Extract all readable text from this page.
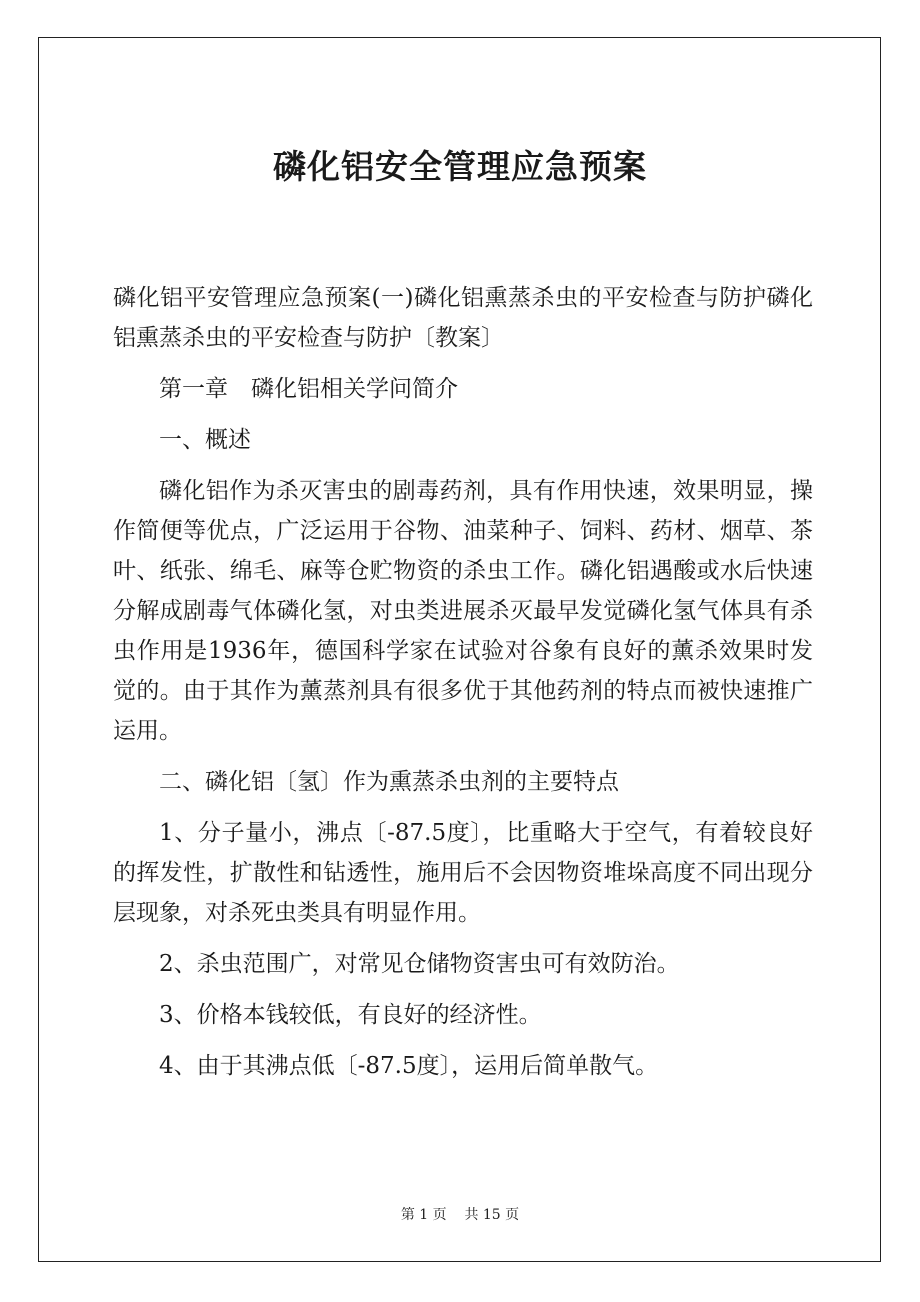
磷化铝安全管理应急预案

磷化铝平安管理应急预案(一)磷化铝熏蒸杀虫的平安检查与防护磷化铝熏蒸杀虫的平安检查与防护〔教案〕

第一章　磷化铝相关学问简介

一、概述

磷化铝作为杀灭害虫的剧毒药剂，具有作用快速，效果明显，操作简便等优点，广泛运用于谷物、油菜种子、饲料、药材、烟草、茶叶、纸张、绵毛、麻等仓贮物资的杀虫工作。磷化铝遇酸或水后快速分解成剧毒气体磷化氢，对虫类进展杀灭最早发觉磷化氢气体具有杀虫作用是1936年，德国科学家在试验对谷象有良好的薰杀效果时发觉的。由于其作为薰蒸剂具有很多优于其他药剂的特点而被快速推广运用。

二、磷化铝〔氢〕作为熏蒸杀虫剂的主要特点

1、分子量小，沸点〔-87.5度〕，比重略大于空气，有着较良好的挥发性，扩散性和钻透性，施用后不会因物资堆垛高度不同出现分层现象，对杀死虫类具有明显作用。

2、杀虫范围广，对常见仓储物资害虫可有效防治。

3、价格本钱较低，有良好的经济性。

4、由于其沸点低〔-87.5度〕，运用后简单散气。

第 1 页 共 15 页
